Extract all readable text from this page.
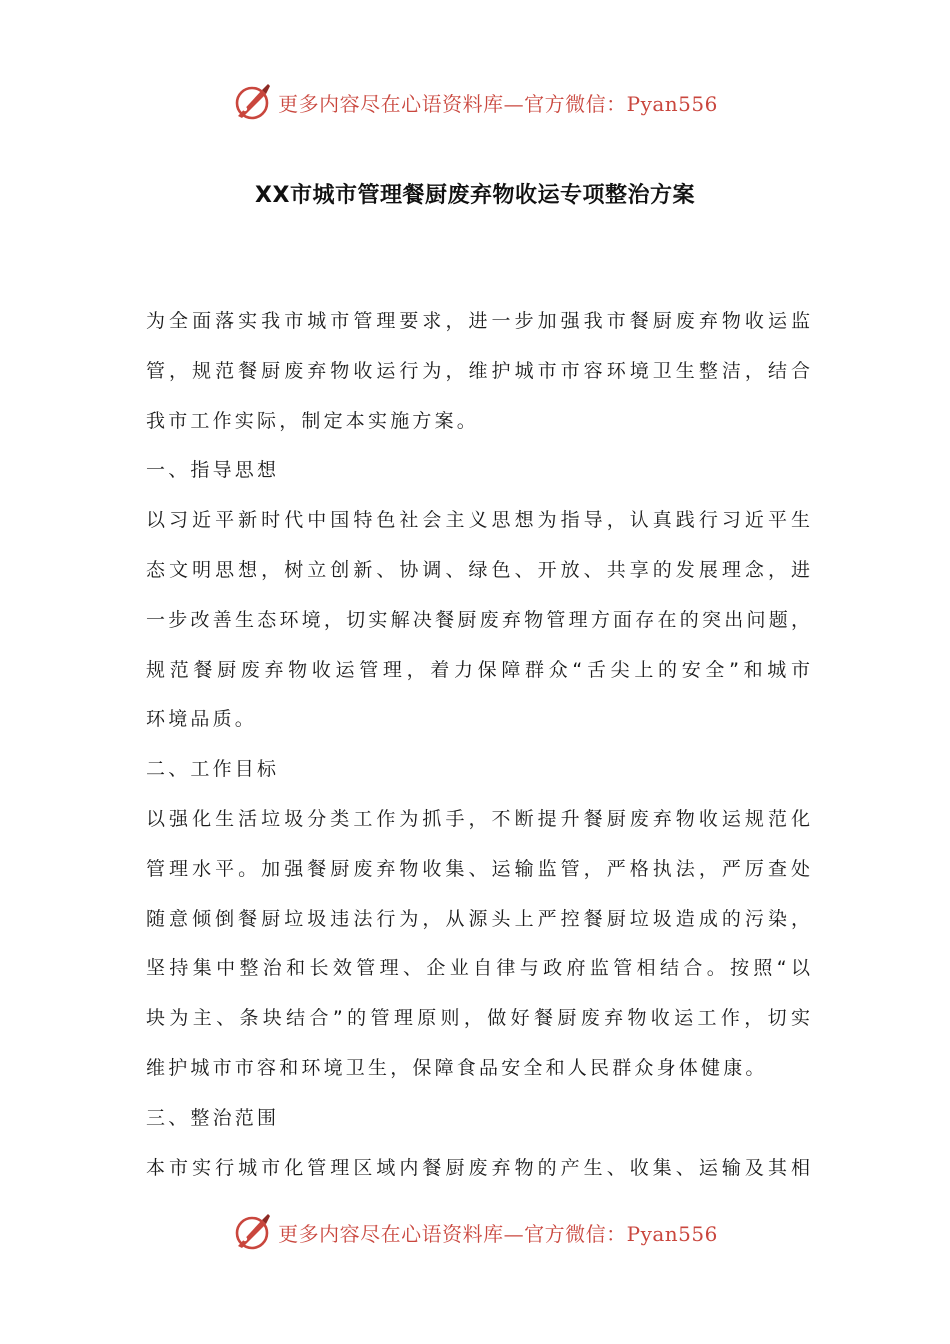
更多内容尽在心语资料库—官方微信：Pyan556
XX市城市管理餐厨废弃物收运专项整治方案
为全面落实我市城市管理要求，进一步加强我市餐厨废弃物收运监
管，规范餐厨废弃物收运行为，维护城市市容环境卫生整洁，结合
我市工作实际，制定本实施方案。
一、指导思想
以习近平新时代中国特色社会主义思想为指导，认真践行习近平生
态文明思想，树立创新、协调、绿色、开放、共享的发展理念，进
一步改善生态环境，切实解决餐厨废弃物管理方面存在的突出问题，
规范餐厨废弃物收运管理，着力保障群众“舌尖上的安全”和城市
环境品质。
二、工作目标
以强化生活垃圾分类工作为抓手，不断提升餐厨废弃物收运规范化
管理水平。加强餐厨废弃物收集、运输监管，严格执法，严厉查处
随意倾倒餐厨垃圾违法行为，从源头上严控餐厨垃圾造成的污染，
坚持集中整治和长效管理、企业自律与政府监管相结合。按照“以
块为主、条块结合”的管理原则，做好餐厨废弃物收运工作，切实
维护城市市容和环境卫生，保障食品安全和人民群众身体健康。
三、整治范围
本市实行城市化管理区域内餐厨废弃物的产生、收集、运输及其相
更多内容尽在心语资料库—官方微信：Pyan556
